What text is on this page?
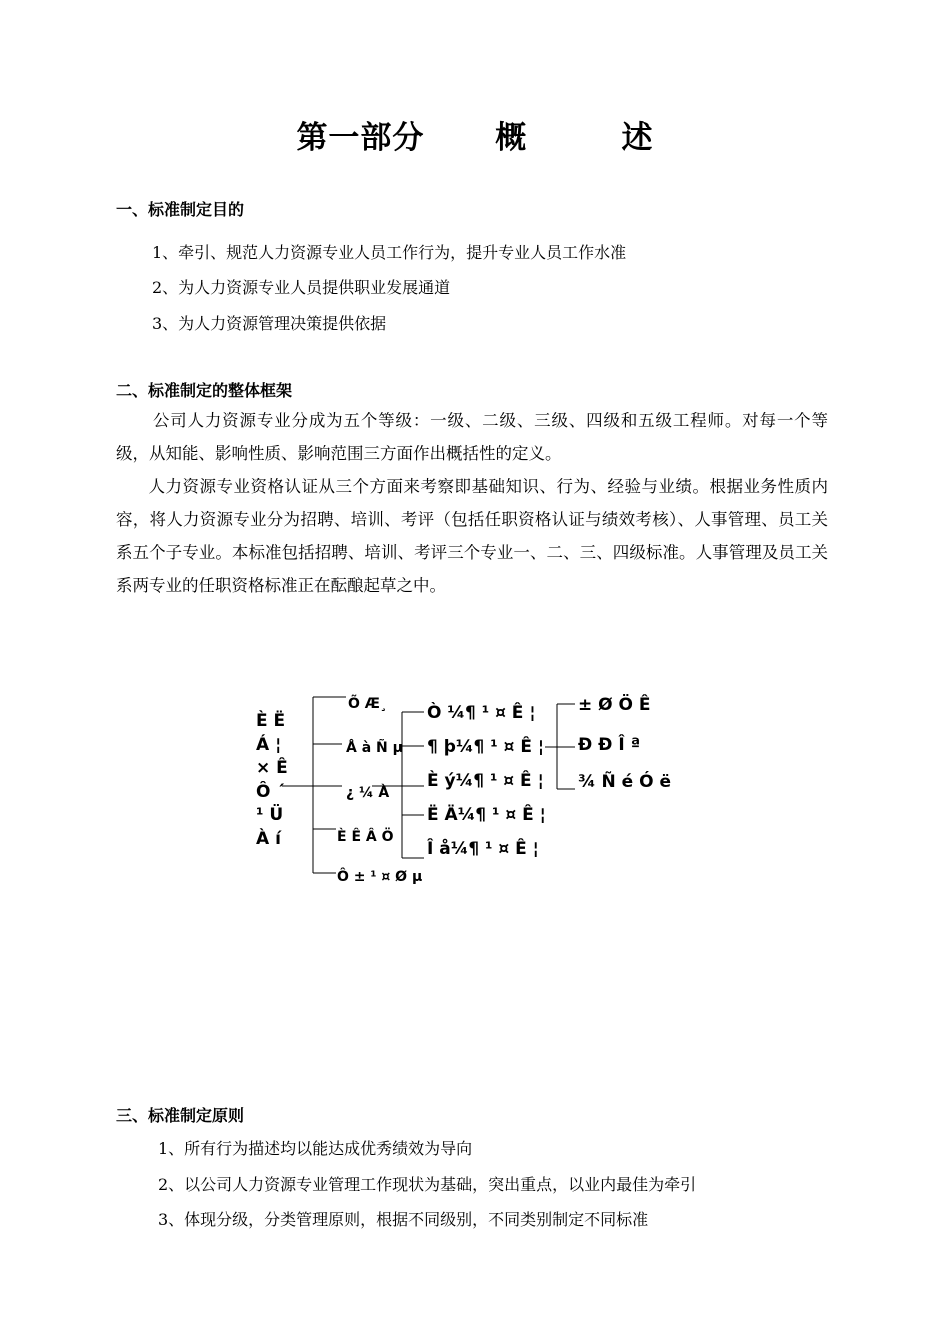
第一部分      概        述
一、标准制定目的
1、牵引、规范人力资源专业人员工作行为，提升专业人员工作水准
2、为人力资源专业人员提供职业发展通道
3、为人力资源管理决策提供依据
二、标准制定的整体框架
公司人力资源专业分成为五个等级：一级、二级、三级、四级和五级工程师。对每一个等级，从知能、影响性质、影响范围三方面作出概括性的定义。
人力资源专业资格认证从三个方面来考察即基础知识、行为、经验与业绩。根据业务性质内容，将人力资源专业分为招聘、培训、考评（包括任职资格认证与绩效考核）、人事管理、员工关系五个子专业。本标准包括招聘、培训、考评三个专业一、二、三、四级标准。人事管理及员工关系两专业的任职资格标准正在酝酿起草之中。
È Ë
Á ¦
× Ê
Ô ´
¹ Ü
À í
Õ Æ¸
Å à Ñ µ
¿ ¼ À
È Ê Â Ö
Ô ± ¹ ¤ Ø µ
Ò ¼¶ ¹ ¤ Ê ¦
¶ þ¼¶ ¹ ¤ Ê ¦
È ý¼¶ ¹ ¤ Ê ¦
Ë Ä¼¶ ¹ ¤ Ê ¦
Î å¼¶ ¹ ¤ Ê ¦
± Ø Ö Ê
Ð Ð Î ª
¾ Ñ é Ó ë
三、标准制定原则
1、所有行为描述均以能达成优秀绩效为导向
2、以公司人力资源专业管理工作现状为基础，突出重点，以业内最佳为牵引
3、体现分级，分类管理原则，根据不同级别，不同类别制定不同标准
